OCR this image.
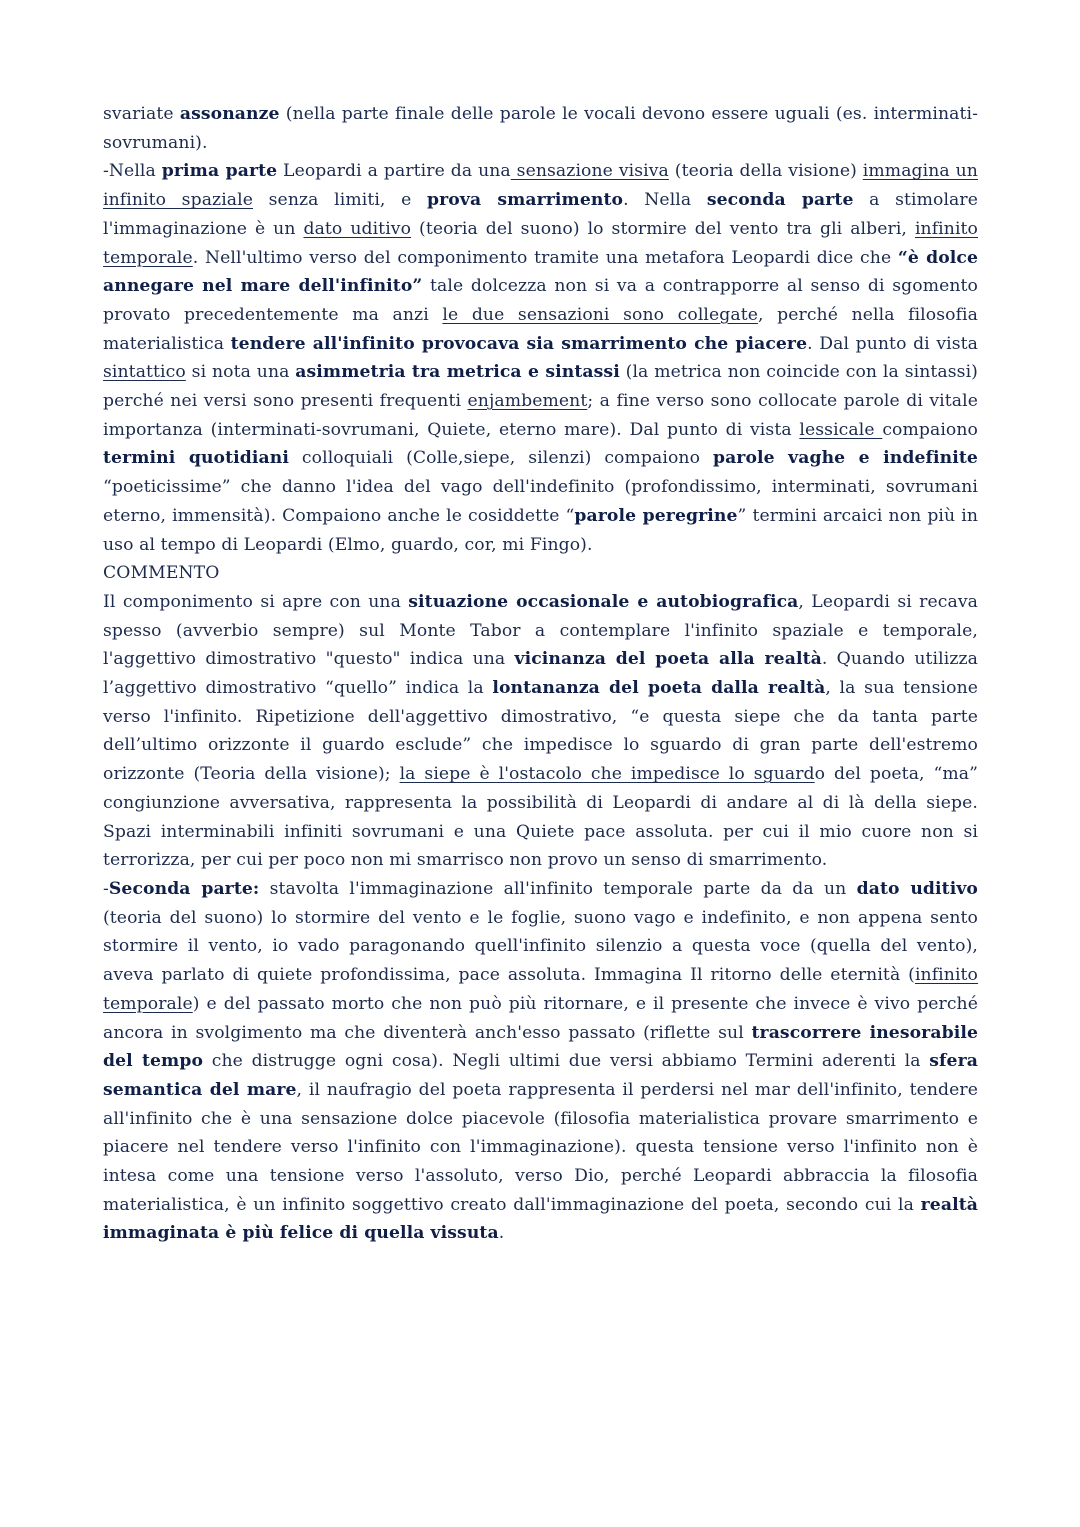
svariate assonanze (nella parte finale delle parole le vocali devono essere uguali (es. interminati-sovrumani).

-Nella prima parte Leopardi a partire da una sensazione visiva (teoria della visione) immagina un infinito spaziale senza limiti, e prova smarrimento. Nella seconda parte a stimolare l'immaginazione è un dato uditivo (teoria del suono) lo stormire del vento tra gli alberi, infinito temporale. Nell'ultimo verso del componimento tramite una metafora Leopardi dice che “è dolce annegare nel mare dell'infinito” tale dolcezza non si va a contrapporre al senso di sgomento provato precedentemente ma anzi le due sensazioni sono collegate, perché nella filosofia materialistica tendere all'infinito provocava sia smarrimento che piacere. Dal punto di vista sintattico si nota una asimmetria tra metrica e sintassi (la metrica non coincide con la sintassi) perché nei versi sono presenti frequenti enjambement; a fine verso sono collocate parole di vitale importanza (interminati-sovrumani, Quiete, eterno mare). Dal punto di vista lessicale compaiono termini quotidiani colloquiali (Colle,siepe, silenzi) compaiono parole vaghe e indefinite “poeticissime” che danno l'idea del vago dell'indefinito (profondissimo, interminati, sovrumani eterno, immensità). Compaiono anche le cosiddette “parole peregrine” termini arcaici non più in uso al tempo di Leopardi (Elmo, guardo, cor, mi Fingo).

COMMENTO

Il componimento si apre con una situazione occasionale e autobiografica, Leopardi si recava spesso (avverbio sempre) sul Monte Tabor a contemplare l'infinito spaziale e temporale, l'aggettivo dimostrativo "questo" indica una vicinanza del poeta alla realtà. Quando utilizza l’aggettivo dimostrativo “quello” indica la lontananza del poeta dalla realtà, la sua tensione verso l'infinito. Ripetizione dell'aggettivo dimostrativo, “e questa siepe che da tanta parte dell’ultimo orizzonte il guardo esclude” che impedisce lo sguardo di gran parte dell'estremo orizzonte (Teoria della visione); la siepe è l'ostacolo che impedisce lo sguardo del poeta, “ma” congiunzione avversativa, rappresenta la possibilità di Leopardi di andare al di là della siepe. Spazi interminabili infiniti sovrumani e una Quiete pace assoluta. per cui il mio cuore non si terrorizza, per cui per poco non mi smarrisco non provo un senso di smarrimento.

-Seconda parte: stavolta l'immaginazione all'infinito temporale parte da da un dato uditivo (teoria del suono) lo stormire del vento e le foglie, suono vago e indefinito, e non appena sento stormire il vento, io vado paragonando quell'infinito silenzio a questa voce (quella del vento), aveva parlato di quiete profondissima, pace assoluta. Immagina Il ritorno delle eternità (infinito temporale) e del passato morto che non può più ritornare, e il presente che invece è vivo perché ancora in svolgimento ma che diventerà anch'esso passato (riflette sul trascorrere inesorabile del tempo che distrugge ogni cosa). Negli ultimi due versi abbiamo Termini aderenti la sfera semantica del mare, il naufragio del poeta rappresenta il perdersi nel mar dell'infinito, tendere all'infinito che è una sensazione dolce piacevole (filosofia materialistica provare smarrimento e piacere nel tendere verso l'infinito con l'immaginazione). questa tensione verso l'infinito non è intesa come una tensione verso l'assoluto, verso Dio, perché Leopardi abbraccia la filosofia materialistica, è un infinito soggettivo creato dall'immaginazione del poeta, secondo cui la realtà immaginata è più felice di quella vissuta.
